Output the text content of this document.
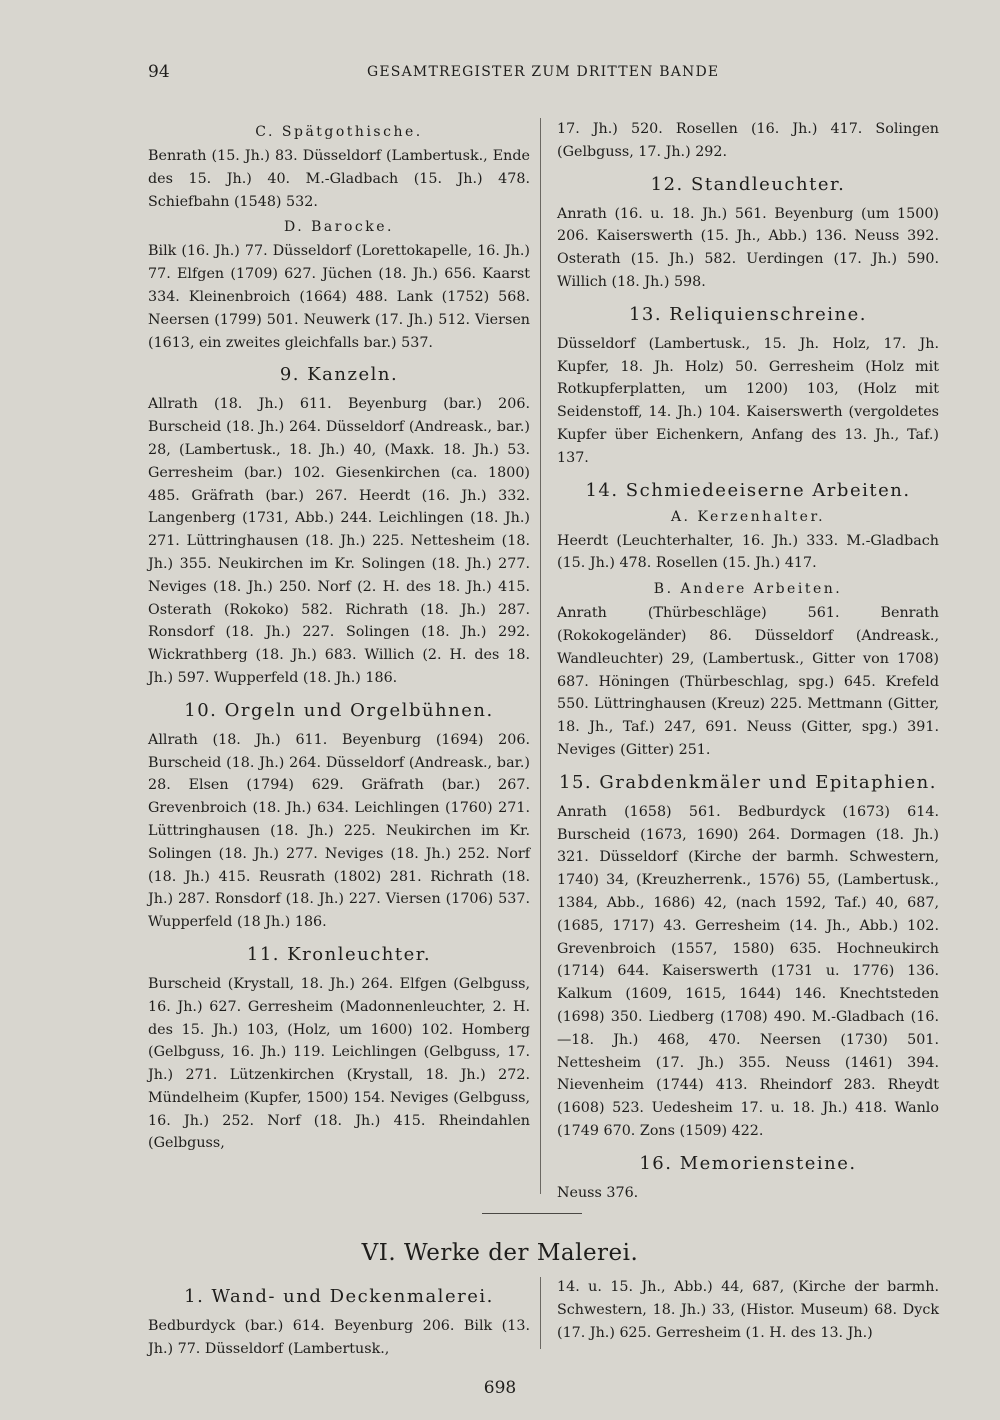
94	GESAMTREGISTER ZUM DRITTEN BANDE
C. Spätgothische.
Benrath (15. Jh.) 83. Düsseldorf (Lambertusk., Ende des 15. Jh.) 40. M.-Gladbach (15. Jh.) 478. Schiefbahn (1548) 532.
D. Barocke.
Bilk (16. Jh.) 77. Düsseldorf (Lorettokapelle, 16. Jh.) 77. Elfgen (1709) 627. Jüchen (18. Jh.) 656. Kaarst 334. Kleinenbroich (1664) 488. Lank (1752) 568. Neersen (1799) 501. Neuwerk (17. Jh.) 512. Viersen (1613, ein zweites gleichfalls bar.) 537.
9. Kanzeln.
Allrath (18. Jh.) 611. Beyenburg (bar.) 206. Burscheid (18. Jh.) 264. Düsseldorf (Andreask., bar.) 28, (Lambertusk., 18. Jh.) 40, (Maxk. 18. Jh.) 53. Gerresheim (bar.) 102. Giesenkirchen (ca. 1800) 485. Gräfrath (bar.) 267. Heerdt (16. Jh.) 332. Langenberg (1731, Abb.) 244. Leichlingen (18. Jh.) 271. Lüttringhausen (18. Jh.) 225. Nettesheim (18. Jh.) 355. Neukirchen im Kr. Solingen (18. Jh.) 277. Neviges (18. Jh.) 250. Norf (2. H. des 18. Jh.) 415. Osterath (Rokoko) 582. Richrath (18. Jh.) 287. Ronsdorf (18. Jh.) 227. Solingen (18. Jh.) 292. Wickrathberg (18. Jh.) 683. Willich (2. H. des 18. Jh.) 597. Wupperfeld (18. Jh.) 186.
10. Orgeln und Orgelbühnen.
Allrath (18. Jh.) 611. Beyenburg (1694) 206. Burscheid (18. Jh.) 264. Düsseldorf (Andreask., bar.) 28. Elsen (1794) 629. Gräfrath (bar.) 267. Grevenbroich (18. Jh.) 634. Leichlingen (1760) 271. Lüttringhausen (18. Jh.) 225. Neukirchen im Kr. Solingen (18. Jh.) 277. Neviges (18. Jh.) 252. Norf (18. Jh.) 415. Reusrath (1802) 281. Richrath (18. Jh.) 287. Ronsdorf (18. Jh.) 227. Viersen (1706) 537. Wupperfeld (18 Jh.) 186.
11. Kronleuchter.
Burscheid (Krystall, 18. Jh.) 264. Elfgen (Gelbguss, 16. Jh.) 627. Gerresheim (Madonnenleuchter, 2. H. des 15. Jh.) 103, (Holz, um 1600) 102. Homberg (Gelbguss, 16. Jh.) 119. Leichlingen (Gelbguss, 17. Jh.) 271. Lützenkirchen (Krystall, 18. Jh.) 272. Mündelheim (Kupfer, 1500) 154. Neviges (Gelbguss, 16. Jh.) 252. Norf (18. Jh.) 415. Rheindahlen (Gelbguss,
17. Jh.) 520. Rosellen (16. Jh.) 417. Solingen (Gelbguss, 17. Jh.) 292.
12. Standleuchter.
Anrath (16. u. 18. Jh.) 561. Beyenburg (um 1500) 206. Kaiserswerth (15. Jh., Abb.) 136. Neuss 392. Osterath (15. Jh.) 582. Uerdingen (17. Jh.) 590. Willich (18. Jh.) 598.
13. Reliquienschreine.
Düsseldorf (Lambertusk., 15. Jh. Holz, 17. Jh. Kupfer, 18. Jh. Holz) 50. Gerresheim (Holz mit Rotkupferplatten, um 1200) 103, (Holz mit Seidenstoff, 14. Jh.) 104. Kaiserswerth (vergoldetes Kupfer über Eichenkern, Anfang des 13. Jh., Taf.) 137.
14. Schmiedeeiserne Arbeiten.
A. Kerzenhalter.
Heerdt (Leuchterhalter, 16. Jh.) 333. M.-Gladbach (15. Jh.) 478. Rosellen (15. Jh.) 417.
B. Andere Arbeiten.
Anrath (Thürbeschläge) 561. Benrath (Rokokogeländer) 86. Düsseldorf (Andreask., Wandleuchter) 29, (Lambertusk., Gitter von 1708) 687. Höningen (Thürbeschlag, spg.) 645. Krefeld 550. Lüttringhausen (Kreuz) 225. Mettmann (Gitter, 18. Jh., Taf.) 247, 691. Neuss (Gitter, spg.) 391. Neviges (Gitter) 251.
15. Grabdenkmäler und Epitaphien.
Anrath (1658) 561. Bedburdyck (1673) 614. Burscheid (1673, 1690) 264. Dormagen (18. Jh.) 321. Düsseldorf (Kirche der barmh. Schwestern, 1740) 34, (Kreuzherrenk., 1576) 55, (Lambertusk., 1384, Abb., 1686) 42, (nach 1592, Taf.) 40, 687, (1685, 1717) 43. Gerresheim (14. Jh., Abb.) 102. Grevenbroich (1557, 1580) 635. Hochneukirch (1714) 644. Kaiserswerth (1731 u. 1776) 136. Kalkum (1609, 1615, 1644) 146. Knechtsteden (1698) 350. Liedberg (1708) 490. M.-Gladbach (16.—18. Jh.) 468, 470. Neersen (1730) 501. Nettesheim (17. Jh.) 355. Neuss (1461) 394. Nievenheim (1744) 413. Rheindorf 283. Rheydt (1608) 523. Uedesheim 17. u. 18. Jh.) 418. Wanlo (1749 670. Zons (1509) 422.
16. Memoriensteine.
Neuss 376.
VI. Werke der Malerei.
1. Wand- und Deckenmalerei.
Bedburdyck (bar.) 614. Beyenburg 206. Bilk (13. Jh.) 77. Düsseldorf (Lambertusk.,
14. u. 15. Jh., Abb.) 44, 687, (Kirche der barmh. Schwestern, 18. Jh.) 33, (Histor. Museum) 68. Dyck (17. Jh.) 625. Gerresheim (1. H. des 13. Jh.)
698
